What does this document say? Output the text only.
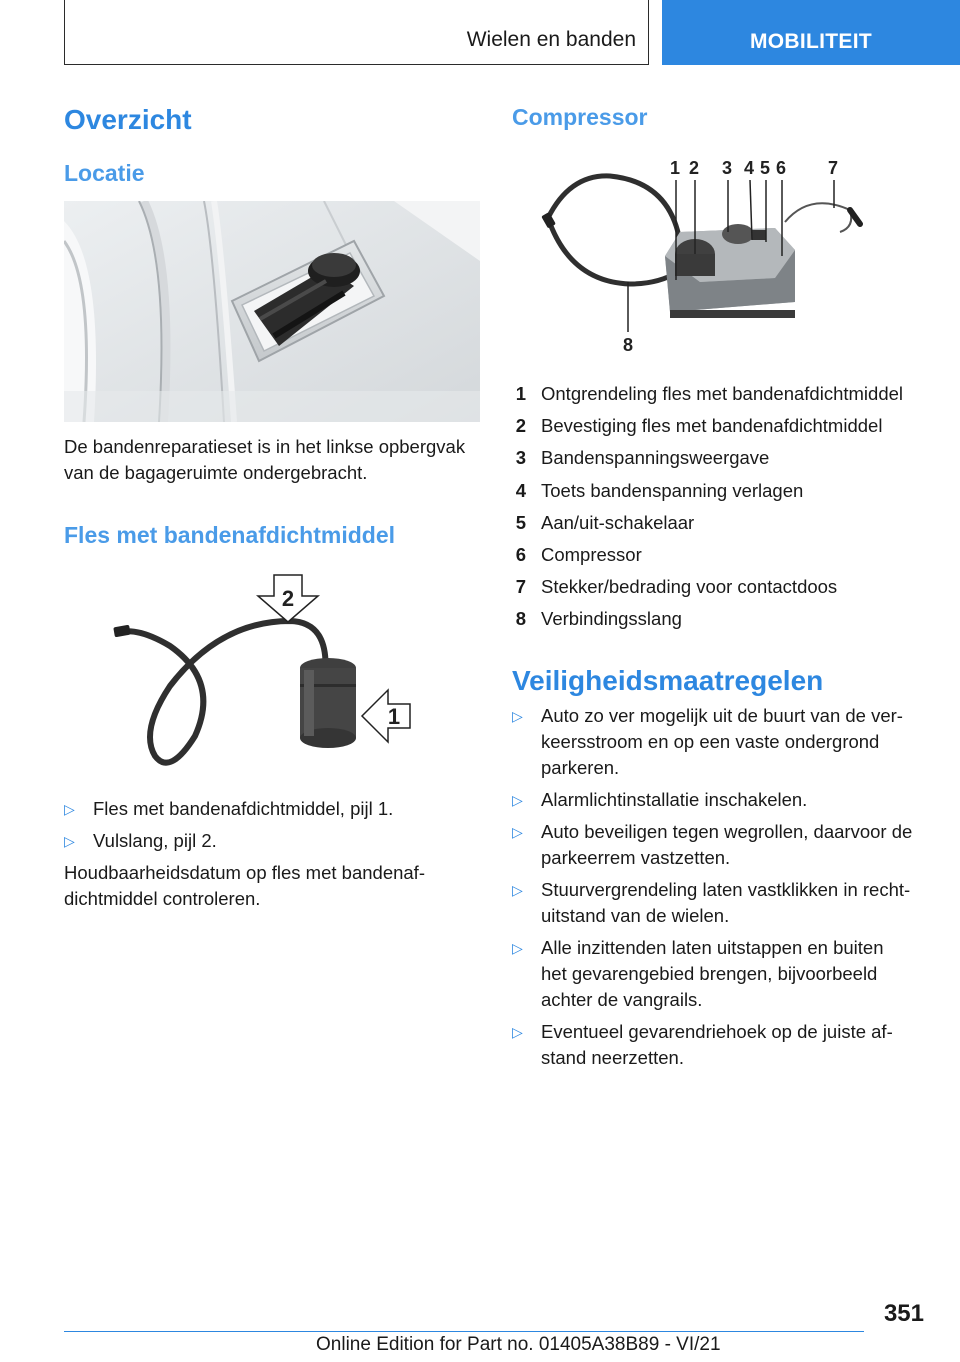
Wielen en banden	MOBILITEIT
Overzicht
Locatie
De bandenreparatieset is in het linkse opbergvak
van de bagageruimte ondergebracht.
Fles met bandenafdichtmiddel
2
1
▷ Fles met bandenafdichtmiddel, pijl 1.
▷ Vulslang, pijl 2.
Houdbaarheidsdatum op fles met bandenaf-
dichtmiddel controleren.
Compressor
1 2 3 4 5 6 7
8
1 Ontgrendeling fles met bandenafdichtmiddel
2 Bevestiging fles met bandenafdichtmiddel
3 Bandenspanningsweergave
4 Toets bandenspanning verlagen
5 Aan/uit-schakelaar
6 Compressor
7 Stekker/bedrading voor contactdoos
8 Verbindingsslang
Veiligheidsmaatregelen
▷ Auto zo ver mogelijk uit de buurt van de ver-
keersstroom en op een vaste ondergrond
parkeren.
▷ Alarmlichtinstallatie inschakelen.
▷ Auto beveiligen tegen wegrollen, daarvoor de
parkeerrem vastzetten.
▷ Stuurvergrendeling laten vastklikken in recht-
uitstand van de wielen.
▷ Alle inzittenden laten uitstappen en buiten
het gevarengebied brengen, bijvoorbeeld
achter de vangrails.
▷ Eventueel gevarendriehoek op de juiste af-
stand neerzetten.
351
Online Edition for Part no. 01405A38B89 - VI/21
